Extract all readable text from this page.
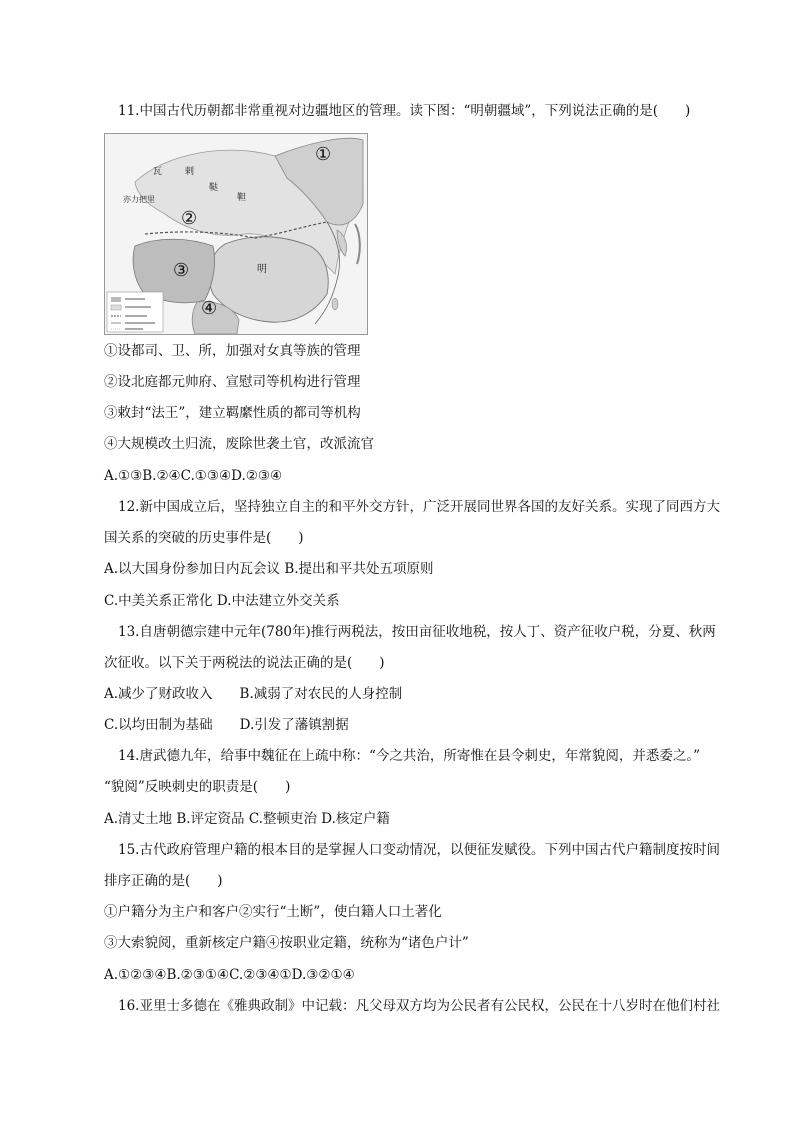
11.中国古代历朝都非常重视对边疆地区的管理。读下图：“明朝疆域”，下列说法正确的是(　　)
瓦	剌
鞑
靼
亦力把里
明
①
②
③
④
①设都司、卫、所，加强对女真等族的管理
②设北庭都元帅府、宣慰司等机构进行管理
③敕封“法王”，建立羁縻性质的都司等机构
④大规模改土归流，废除世袭土官，改派流官
A.①③B.②④C.①③④D.②③④
12.新中国成立后，坚持独立自主的和平外交方针，广泛开展同世界各国的友好关系。实现了同西方大
国关系的突破的历史事件是(　　)
A.以大国身份参加日内瓦会议 B.提出和平共处五项原则
C.中美关系正常化 D.中法建立外交关系
13.自唐朝德宗建中元年(780年)推行两税法，按田亩征收地税，按人丁、资产征收户税，分夏、秋两
次征收。以下关于两税法的说法正确的是(　　)
A.减少了财政收入　　B.减弱了对农民的人身控制
C.以均田制为基础　　D.引发了藩镇割据
14.唐武德九年，给事中魏征在上疏中称：“今之共治，所寄惟在县令刺史，年常貌阅，并悉委之。”
“貌阅”反映刺史的职责是(　　)
A.清丈土地 B.评定资品 C.整顿吏治 D.核定户籍
15.古代政府管理户籍的根本目的是掌握人口变动情况，以便征发赋役。下列中国古代户籍制度按时间
排序正确的是(　　)
①户籍分为主户和客户②实行“土断”，使白籍人口土著化
③大索貌阅，重新核定户籍④按职业定籍，统称为“诸色户计”
A.①②③④B.②③①④C.②③④①D.③②①④
16.亚里士多德在《雅典政制》中记载：凡父母双方均为公民者有公民权，公民在十八岁时在他们村社
